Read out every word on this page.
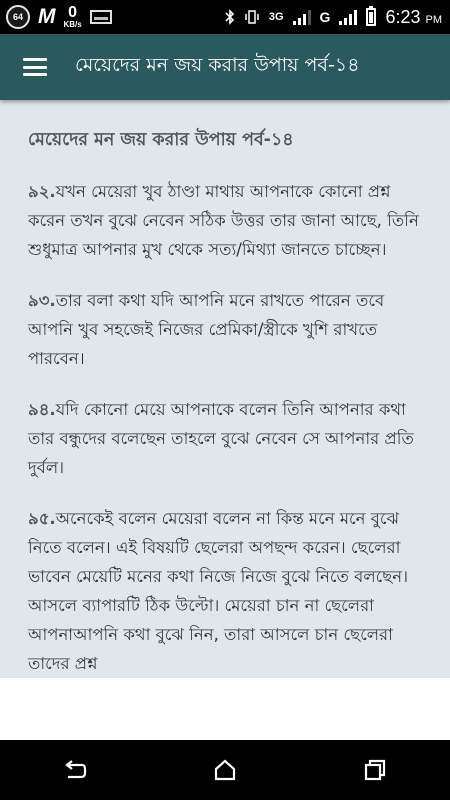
64 M 0
KB/s
3G	G	6:23 PM
মেয়েদের মন জয় করার উপায় পর্ব-১৪
মেয়েদের মন জয় করার উপায় পর্ব-১৪

৯২.যখন মেয়েরা খুব ঠাণ্ডা মাথায় আপনাকে কোনো প্রশ্ন করেন তখন বুঝে নেবেন সঠিক উত্তর তার জানা আছে, তিনি শুধুমাত্র আপনার মুখ থেকে সত্য/মিথ্যা জানতে চাচ্ছেন।

৯৩.তার বলা কথা যদি আপনি মনে রাখতে পারেন তবে আপনি খুব সহজেই নিজের প্রেমিকা/স্ত্রীকে খুশি রাখতে পারবেন।

৯৪.যদি কোনো মেয়ে আপনাকে বলেন তিনি আপনার কথা তার বন্ধুদের বলেছেন তাহলে বুঝে নেবেন সে আপনার প্রতি দুর্বল।

৯৫.অনেকেই বলেন মেয়েরা বলেন না কিন্ত মনে মনে বুঝে নিতে বলেন। এই বিষয়টি ছেলেরা অপছন্দ করেন। ছেলেরা ভাবেন মেয়েটি মনের কথা নিজে নিজে বুঝে নিতে বলছেন। আসলে ব্যাপারটি ঠিক উল্টো। মেয়েরা চান না ছেলেরা আপনাআপনি কথা বুঝে নিন, তারা আসলে চান ছেলেরা তাদের প্রশ্ন
